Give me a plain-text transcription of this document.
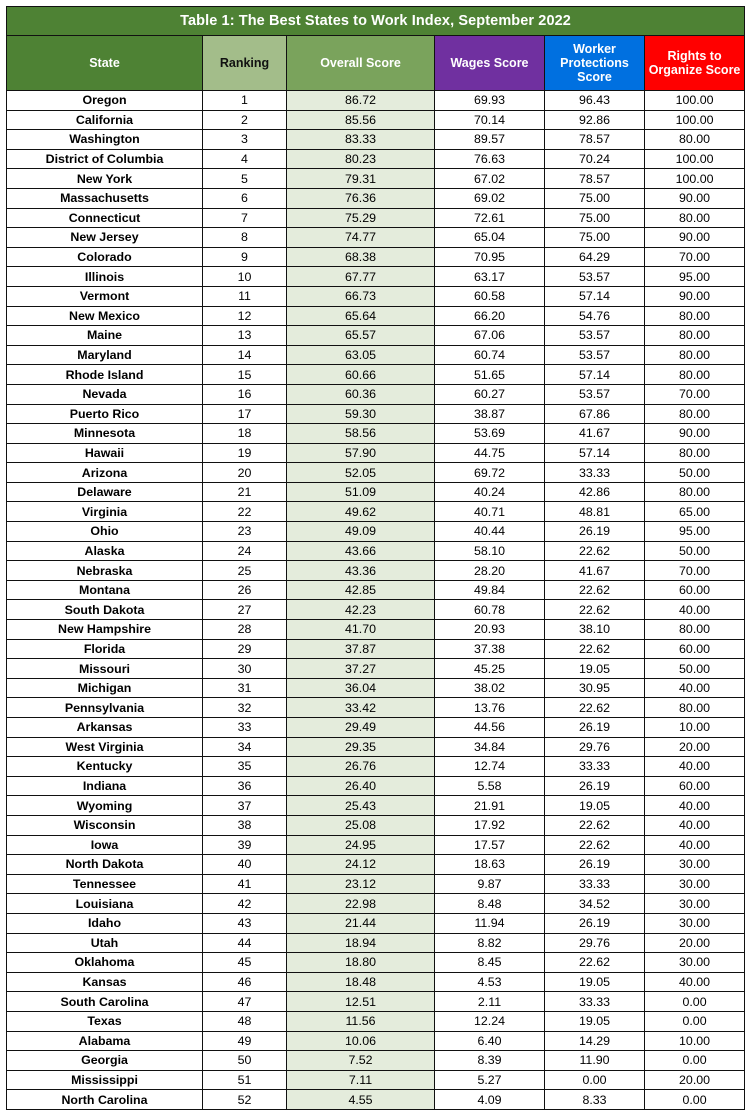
Table 1: The Best States to Work Index, September 2022					
State	Ranking	Overall Score	Wages Score	Worker Protections Score	Rights to Organize Score
Oregon	1	86.72	69.93	96.43	100.00
California	2	85.56	70.14	92.86	100.00
Washington	3	83.33	89.57	78.57	80.00
District of Columbia	4	80.23	76.63	70.24	100.00
New York	5	79.31	67.02	78.57	100.00
Massachusetts	6	76.36	69.02	75.00	90.00
Connecticut	7	75.29	72.61	75.00	80.00
New Jersey	8	74.77	65.04	75.00	90.00
Colorado	9	68.38	70.95	64.29	70.00
Illinois	10	67.77	63.17	53.57	95.00
Vermont	11	66.73	60.58	57.14	90.00
New Mexico	12	65.64	66.20	54.76	80.00
Maine	13	65.57	67.06	53.57	80.00
Maryland	14	63.05	60.74	53.57	80.00
Rhode Island	15	60.66	51.65	57.14	80.00
Nevada	16	60.36	60.27	53.57	70.00
Puerto Rico	17	59.30	38.87	67.86	80.00
Minnesota	18	58.56	53.69	41.67	90.00
Hawaii	19	57.90	44.75	57.14	80.00
Arizona	20	52.05	69.72	33.33	50.00
Delaware	21	51.09	40.24	42.86	80.00
Virginia	22	49.62	40.71	48.81	65.00
Ohio	23	49.09	40.44	26.19	95.00
Alaska	24	43.66	58.10	22.62	50.00
Nebraska	25	43.36	28.20	41.67	70.00
Montana	26	42.85	49.84	22.62	60.00
South Dakota	27	42.23	60.78	22.62	40.00
New Hampshire	28	41.70	20.93	38.10	80.00
Florida	29	37.87	37.38	22.62	60.00
Missouri	30	37.27	45.25	19.05	50.00
Michigan	31	36.04	38.02	30.95	40.00
Pennsylvania	32	33.42	13.76	22.62	80.00
Arkansas	33	29.49	44.56	26.19	10.00
West Virginia	34	29.35	34.84	29.76	20.00
Kentucky	35	26.76	12.74	33.33	40.00
Indiana	36	26.40	5.58	26.19	60.00
Wyoming	37	25.43	21.91	19.05	40.00
Wisconsin	38	25.08	17.92	22.62	40.00
Iowa	39	24.95	17.57	22.62	40.00
North Dakota	40	24.12	18.63	26.19	30.00
Tennessee	41	23.12	9.87	33.33	30.00
Louisiana	42	22.98	8.48	34.52	30.00
Idaho	43	21.44	11.94	26.19	30.00
Utah	44	18.94	8.82	29.76	20.00
Oklahoma	45	18.80	8.45	22.62	30.00
Kansas	46	18.48	4.53	19.05	40.00
South Carolina	47	12.51	2.11	33.33	0.00
Texas	48	11.56	12.24	19.05	0.00
Alabama	49	10.06	6.40	14.29	10.00
Georgia	50	7.52	8.39	11.90	0.00
Mississippi	51	7.11	5.27	0.00	20.00
North Carolina	52	4.55	4.09	8.33	0.00
